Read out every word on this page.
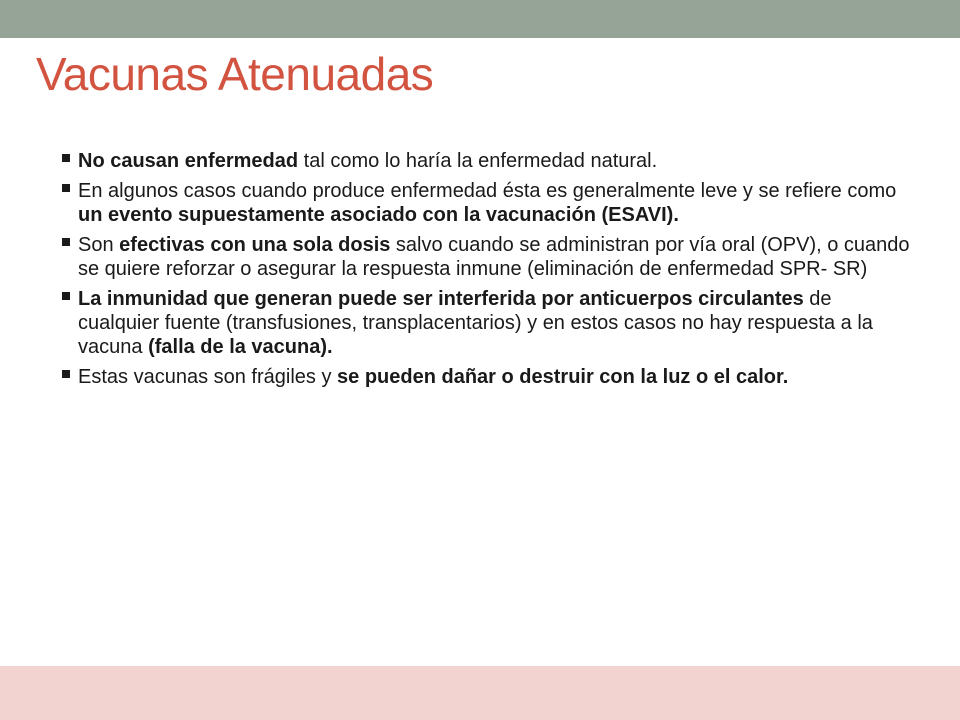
Vacunas Atenuadas
No causan enfermedad tal como lo haría la enfermedad natural.
En algunos casos cuando produce enfermedad ésta es generalmente leve y se refiere como un evento supuestamente asociado con la vacunación (ESAVI).
Son efectivas con una sola dosis salvo cuando se administran por vía oral (OPV), o cuando se quiere reforzar o asegurar la respuesta inmune (eliminación de enfermedad SPR- SR)
La inmunidad que generan puede ser interferida por anticuerpos circulantes de cualquier fuente (transfusiones, transplacentarios) y en estos casos no hay respuesta a la vacuna (falla de la vacuna).
Estas vacunas son frágiles y se pueden dañar o destruir con la luz o el calor.
